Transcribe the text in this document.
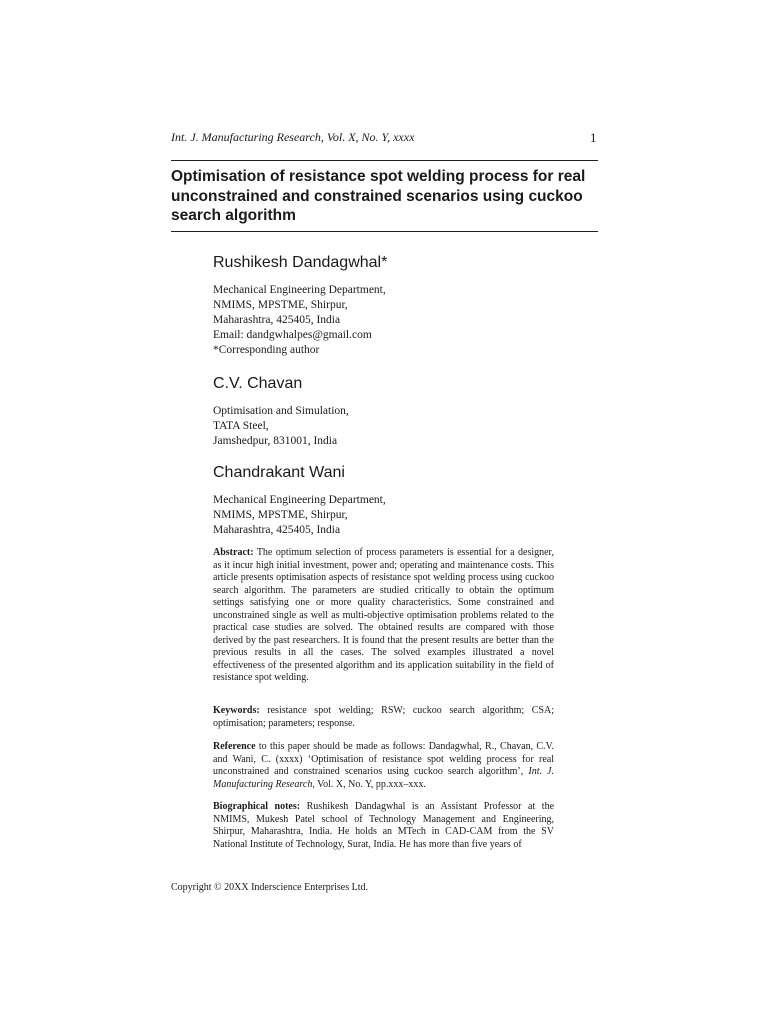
Int. J. Manufacturing Research, Vol. X, No. Y, xxxx	1
Optimisation of resistance spot welding process for real unconstrained and constrained scenarios using cuckoo search algorithm
Rushikesh Dandagwhal*
Mechanical Engineering Department,
NMIMS, MPSTME, Shirpur,
Maharashtra, 425405, India
Email: dandgwhalpes@gmail.com
*Corresponding author
C.V. Chavan
Optimisation and Simulation,
TATA Steel,
Jamshedpur, 831001, India
Chandrakant Wani
Mechanical Engineering Department,
NMIMS, MPSTME, Shirpur,
Maharashtra, 425405, India
Abstract: The optimum selection of process parameters is essential for a designer, as it incur high initial investment, power and; operating and maintenance costs. This article presents optimisation aspects of resistance spot welding process using cuckoo search algorithm. The parameters are studied critically to obtain the optimum settings satisfying one or more quality characteristics. Some constrained and unconstrained single as well as multi-objective optimisation problems related to the practical case studies are solved. The obtained results are compared with those derived by the past researchers. It is found that the present results are better than the previous results in all the cases. The solved examples illustrated a novel effectiveness of the presented algorithm and its application suitability in the field of resistance spot welding.
Keywords: resistance spot welding; RSW; cuckoo search algorithm; CSA; optimisation; parameters; response.
Reference to this paper should be made as follows: Dandagwhal, R., Chavan, C.V. and Wani, C. (xxxx) ‘Optimisation of resistance spot welding process for real unconstrained and constrained scenarios using cuckoo search algorithm’, Int. J. Manufacturing Research, Vol. X, No. Y, pp.xxx–xxx.
Biographical notes: Rushikesh Dandagwhal is an Assistant Professor at the NMIMS, Mukesh Patel school of Technology Management and Engineering, Shirpur, Maharashtra, India. He holds an MTech in CAD-CAM from the SV National Institute of Technology, Surat, India. He has more than five years of
Copyright © 20XX Inderscience Enterprises Ltd.
